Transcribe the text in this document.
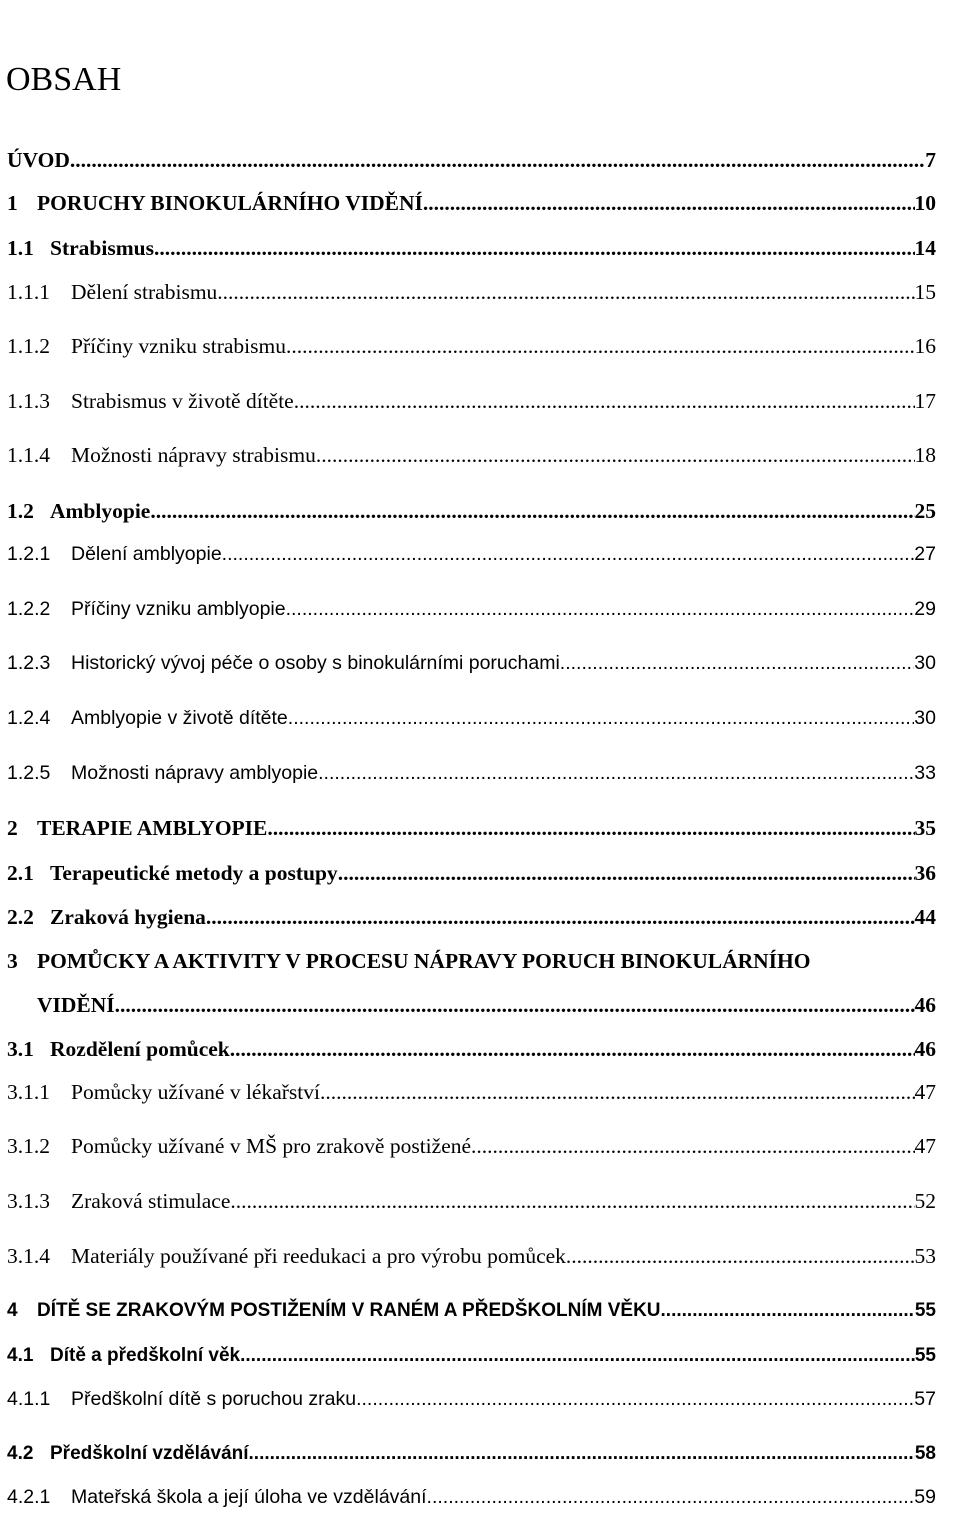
OBSAH
ÚVOD .....	7
1 PORUCHY BINOKULÁRNÍHO VIDĚNÍ .....	10
1.1 Strabismus .....	14
1.1.1 Dělení strabismu .....	15
1.1.2 Příčiny vzniku strabismu .....	16
1.1.3 Strabismus v životě dítěte .....	17
1.1.4 Možnosti nápravy strabismu .....	18
1.2 Amblyopie .....	25
1.2.1	Dělení amblyopie .....	27
1.2.2	Příčiny vzniku amblyopie .....	29
1.2.3	Historický vývoj péče o osoby s binokulárními poruchami .....	30
1.2.4	Amblyopie v životě dítěte .....	30
1.2.5	Možnosti nápravy amblyopie .....	33
2 TERAPIE AMBLYOPIE .....	35
2.1 Terapeutické metody a postupy .....	36
2.2 Zraková hygiena .....	44
3 POMŮCKY A AKTIVITY V PROCESU NÁPRAVY PORUCH BINOKULÁRNÍHO
VIDĚNÍ .....	46
3.1 Rozdělení pomůcek .....	46
3.1.1 Pomůcky užívané v lékařství .....	47
3.1.2 Pomůcky užívané v MŠ pro zrakově postižené .....	47
3.1.3 Zraková stimulace .....	52
3.1.4 Materiály používané při reedukaci a pro výrobu pomůcek .....	53
4	DÍTĚ SE ZRAKOVÝM POSTIŽENÍM V RANÉM A PŘEDŠKOLNÍM VĚKU .....	55
4.1 Dítě a předškolní věk .....	55
4.1.1	Předškolní dítě s poruchou zraku .....	57
4.2 Předškolní vzdělávání .....	58
4.2.1	Mateřská škola a její úloha ve vzdělávání .....	59
